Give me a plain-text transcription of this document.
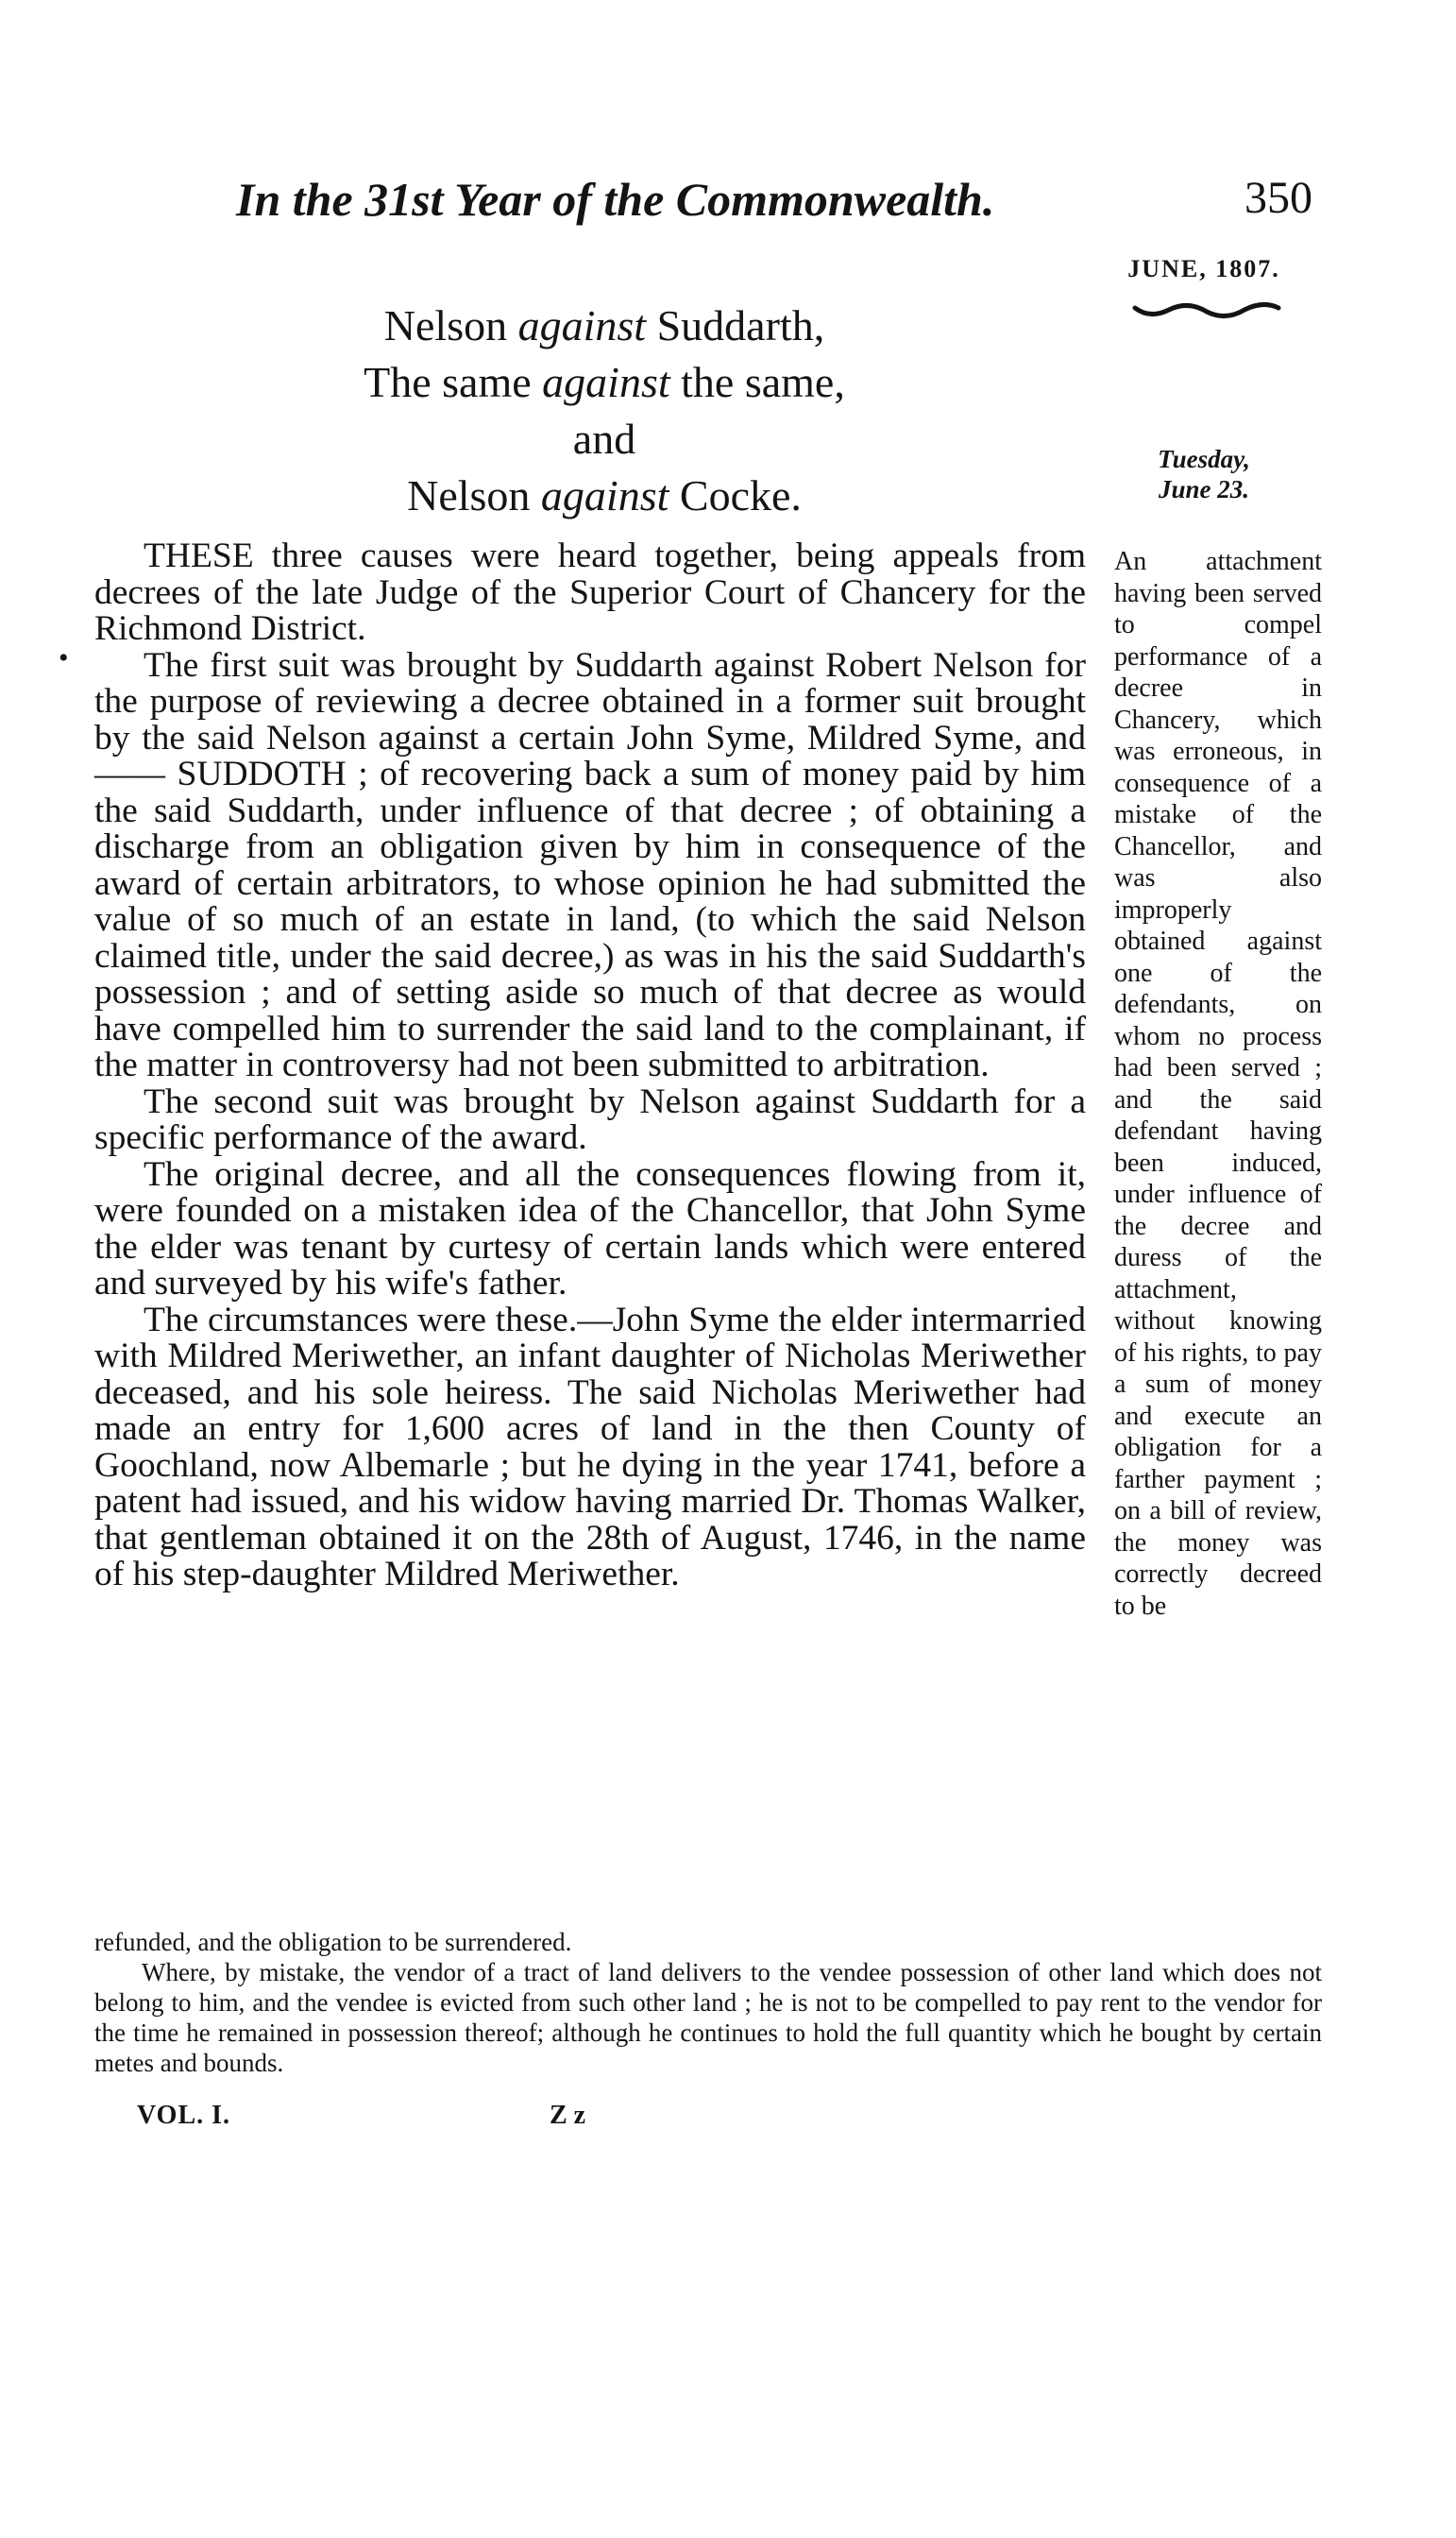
In the 31st Year of the Commonwealth.	350
JUNE, 1807.
Nelson against Suddarth,
The same against the same,
and
Nelson against Cocke.
Tuesday,
June 23.
•

THESE three causes were heard together, being appeals from decrees of the late Judge of the Superior Court of Chancery for the Richmond District.

The first suit was brought by Suddarth against Robert Nelson for the purpose of reviewing a decree obtained in a former suit brought by the said Nelson against a certain John Syme, Mildred Syme, and —— SUDDOTH ; of recovering back a sum of money paid by him the said Suddarth, under influence of that decree ; of obtaining a discharge from an obligation given by him in consequence of the award of certain arbitrators, to whose opinion he had submitted the value of so much of an estate in land, (to which the said Nelson claimed title, under the said decree,) as was in his the said Suddarth's possession ; and of setting aside so much of that decree as would have compelled him to surrender the said land to the complainant, if the matter in controversy had not been submitted to arbitration.

The second suit was brought by Nelson against Suddarth for a specific performance of the award.

The original decree, and all the consequences flowing from it, were founded on a mistaken idea of the Chancellor, that John Syme the elder was tenant by curtesy of certain lands which were entered and surveyed by his wife's father.

The circumstances were these.—John Syme the elder intermarried with Mildred Meriwether, an infant daughter of Nicholas Meriwether deceased, and his sole heiress. The said Nicholas Meriwether had made an entry for 1,600 acres of land in the then County of Goochland, now Albemarle ; but he dying in the year 1741, before a patent had issued, and his widow having married Dr. Thomas Walker, that gentleman obtained it on the 28th of August, 1746, in the name of his step-daughter Mildred Meriwether.

An attachment having been served to compel performance of a decree in Chancery, which was erroneous, in consequence of a mistake of the Chancellor, and was also improperly obtained against one of the defendants, on whom no process had been served ; and the said defendant having been induced, under influence of the decree and duress of the attachment, without knowing of his rights, to pay a sum of money and execute an obligation for a farther payment ; on a bill of review, the money was correctly decreed to be

refunded, and the obligation to be surrendered.

Where, by mistake, the vendor of a tract of land delivers to the vendee possession of other land which does not belong to him, and the vendee is evicted from such other land ; he is not to be compelled to pay rent to the vendor for the time he remained in possession thereof; although he continues to hold the full quantity which he bought by certain metes and bounds.

VOL. I.	Z z
